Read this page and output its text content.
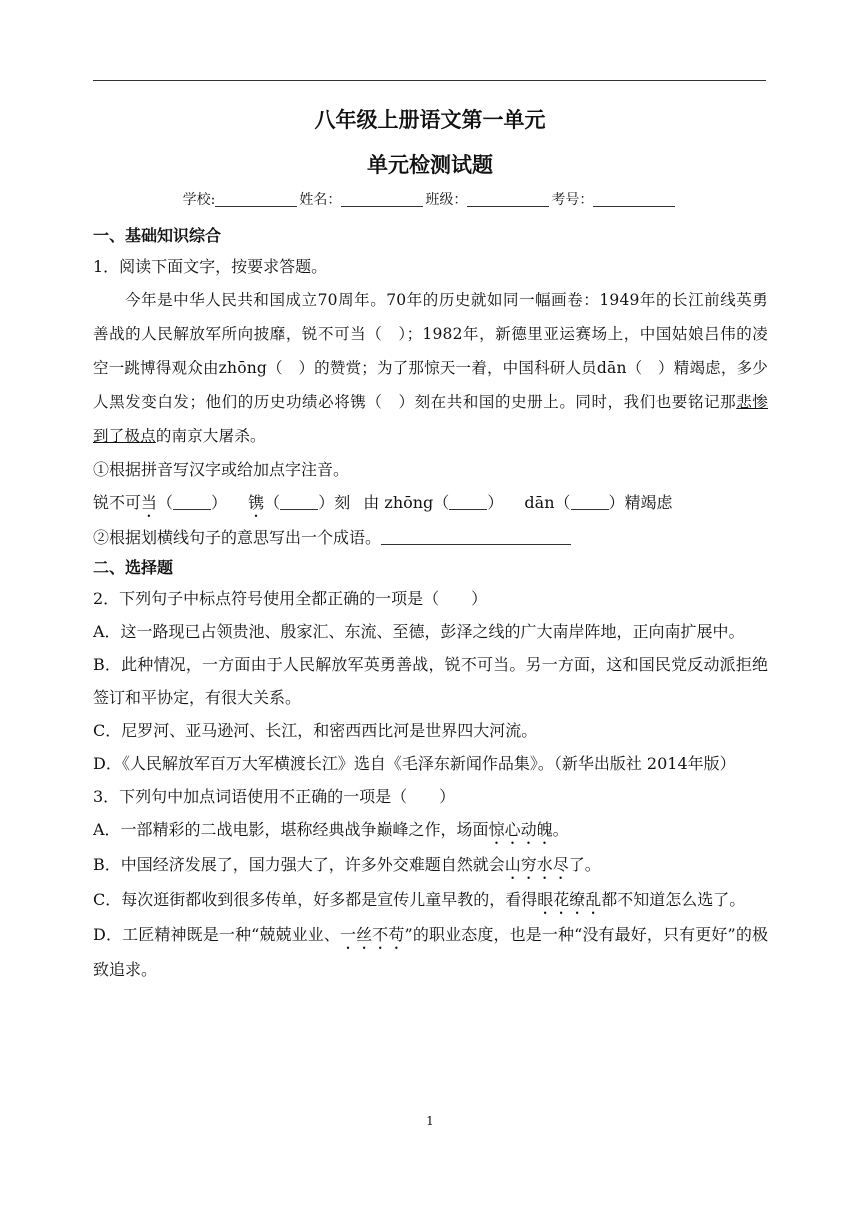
八年级上册语文第一单元
单元检测试题
学校:	姓名：	班级：	考号：

一、基础知识综合

1．阅读下面文字，按要求答题。

今年是中华人民共和国成立70周年。70年的历史就如同一幅画卷：1949年的长江前线英勇善战的人民解放军所向披靡，锐不可当（　）；1982年，新德里亚运赛场上，中国姑娘吕伟的凌空一跳博得观众由zhōng（　）的赞赏；为了那惊天一着，中国科研人员dān（　）精竭虑，多少人黑发变白发；他们的历史功绩必将镌（　）刻在共和国的史册上。同时，我们也要铭记那悲惨到了极点的南京大屠杀。

①根据拼音写汉字或给加点字注音。

锐不可当（ ）   镌（ ）刻   由 zhōng（ ）   dān（ ）精竭虑

②根据划横线句子的意思写出一个成语。

二、选择题

2．下列句子中标点符号使用全都正确的一项是（　　）

A．这一路现已占领贵池、殷家汇、东流、至德，彭泽之线的广大南岸阵地，正向南扩展中。

B．此种情况，一方面由于人民解放军英勇善战，锐不可当。另一方面，这和国民党反动派拒绝签订和平协定，有很大关系。

C．尼罗河、亚马逊河、长江，和密西西比河是世界四大河流。

D．《人民解放军百万大军横渡长江》选自《毛泽东新闻作品集》。（新华出版社 2014年版）

3．下列句中加点词语使用不正确的一项是（　　）

A．一部精彩的二战电影，堪称经典战争巅峰之作，场面惊心动魄。

B．中国经济发展了，国力强大了，许多外交难题自然就会山穷水尽了。

C．每次逛街都收到很多传单，好多都是宣传儿童早教的，看得眼花缭乱都不知道怎么选了。

D．工匠精神既是一种“兢兢业业、一丝不苟”的职业态度，也是一种“没有最好，只有更好”的极致追求。

1
